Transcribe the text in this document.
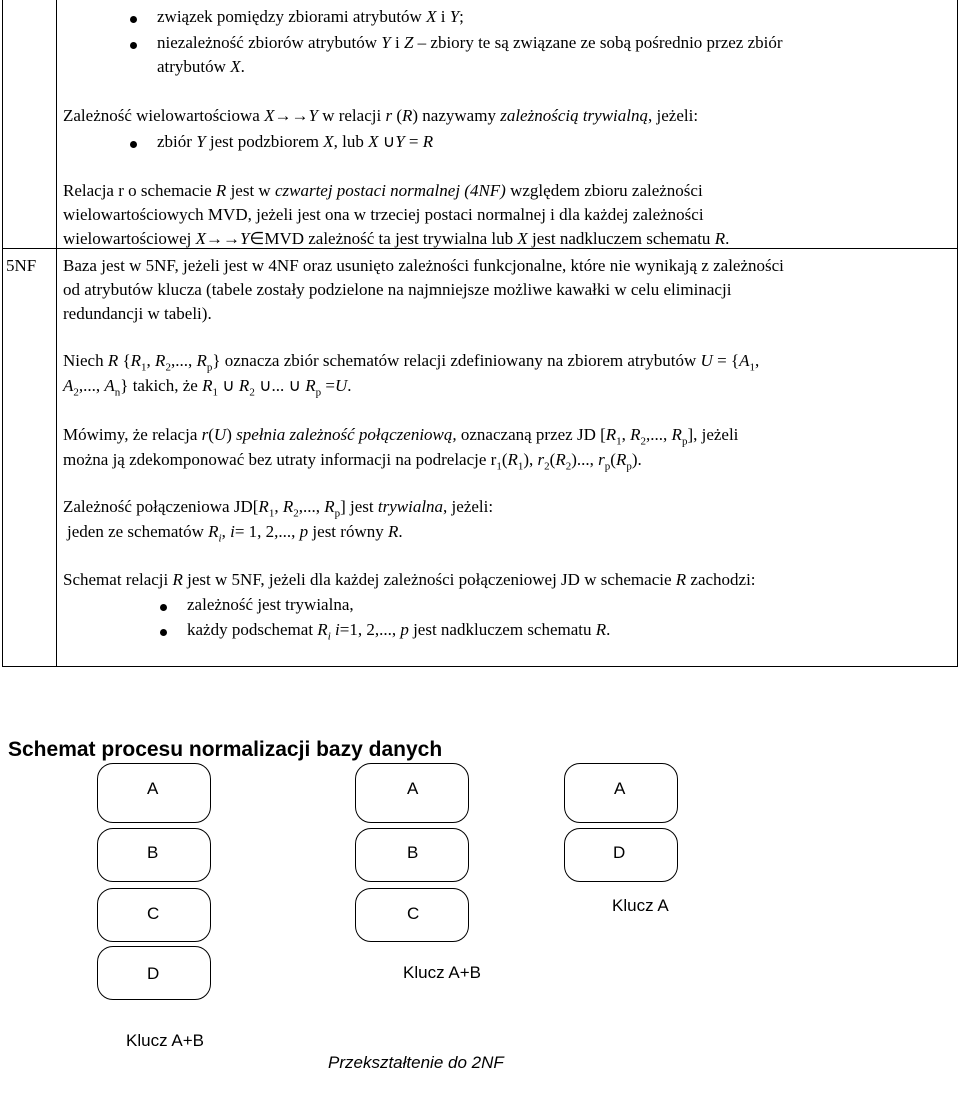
związek pomiędzy zbiorami atrybutów X i Y;
niezależność zbiorów atrybutów Y i Z – zbiory te są związane ze sobą pośrednio przez zbiór
atrybutów X.
Zależność wielowartościowa X→→Y w relacji r (R) nazywamy zależnością trywialną, jeżeli:
zbiór Y jest podzbiorem X, lub X ∪Y = R
Relacja r o schemacie R jest w czwartej postaci normalnej (4NF) względem zbioru zależności
wielowartościowych MVD, jeżeli jest ona w trzeciej postaci normalnej i dla każdej zależności
wielowartościowej X→→Y∈MVD zależność ta jest trywialna lub X jest nadkluczem schematu R.
5NF Baza jest w 5NF, jeżeli jest w 4NF oraz usunięto zależności funkcjonalne, które nie wynikają z zależności
od atrybutów klucza (tabele zostały podzielone na najmniejsze możliwe kawałki w celu eliminacji
redundancji w tabeli).
Niech R {$R_1$, $R_2$,..., $R_p$} oznacza zbiór schematów relacji zdefiniowany na zbiorem atrybutów $U = \{A_1$,
$A_2$,..., $A_n$} takich, że $R_1$ ∪ $R_2$ ∪... ∪ $R_p =U$.
Mówimy, że relacja r(U) spełnia zależność połączeniową, oznaczaną przez JD [$R_1$, $R_2$,..., $R_p$], jeżeli
można ją zdekomponować bez utraty informacji na podrelacje $r_1(R_1)$, $r_2(R_2)$..., $r_p(R_p)$.
Zależność połączeniowa $JD[R_1$, $R_2$,..., $R_p$] jest trywialna, jeżeli:
jeden ze schematów $R_i$, i= 1, 2,..., p jest równy R.
Schemat relacji R jest w 5NF, jeżeli dla każdej zależności połączeniowej JD w schemacie R zachodzi:
zależność jest trywialna,
każdy podschemat $R_i$ i=1, 2,..., p jest nadkluczem schematu R.
Schemat procesu normalizacji bazy danych
A
B
C
D
Klucz A+B
A
B
C
Klucz A+B
A
D
Klucz A
Przekształtenie do 2NF
